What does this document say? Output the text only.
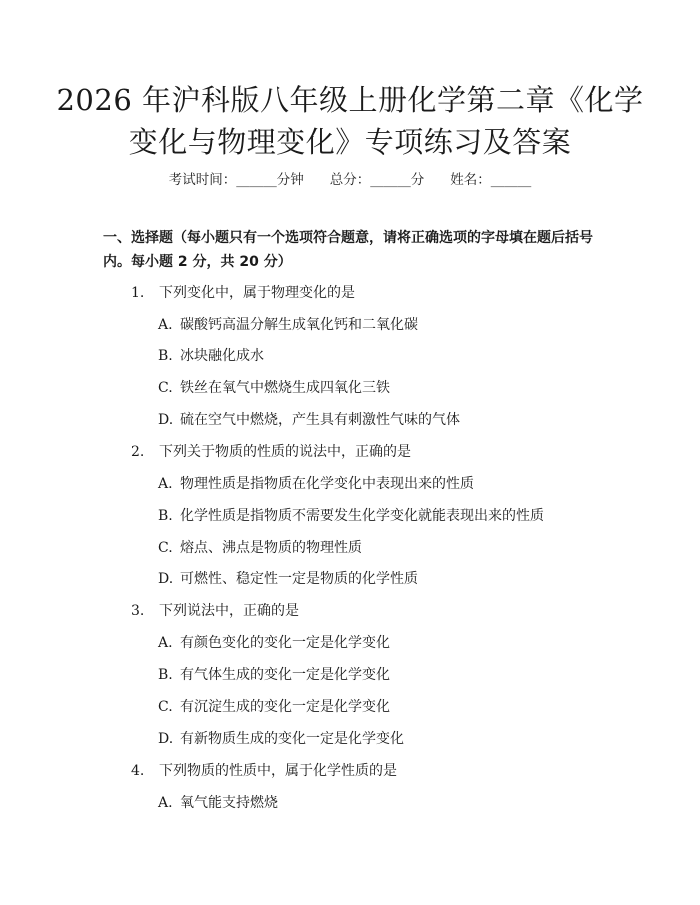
2026 年沪科版八年级上册化学第二章《化学
变化与物理变化》专项练习及答案
考试时间：______分钟 总分：______分 姓名：______
一、选择题（每小题只有一个选项符合题意，请将正确选项的字母填在题后括号
内。每小题 2 分，共 20 分）
1. 下列变化中，属于物理变化的是
A. 碳酸钙高温分解生成氧化钙和二氧化碳
B. 冰块融化成水
C. 铁丝在氧气中燃烧生成四氧化三铁
D. 硫在空气中燃烧，产生具有刺激性气味的气体
2. 下列关于物质的性质的说法中，正确的是
A. 物理性质是指物质在化学变化中表现出来的性质
B. 化学性质是指物质不需要发生化学变化就能表现出来的性质
C. 熔点、沸点是物质的物理性质
D. 可燃性、稳定性一定是物质的化学性质
3. 下列说法中，正确的是
A. 有颜色变化的变化一定是化学变化
B. 有气体生成的变化一定是化学变化
C. 有沉淀生成的变化一定是化学变化
D. 有新物质生成的变化一定是化学变化
4. 下列物质的性质中，属于化学性质的是
A. 氧气能支持燃烧
